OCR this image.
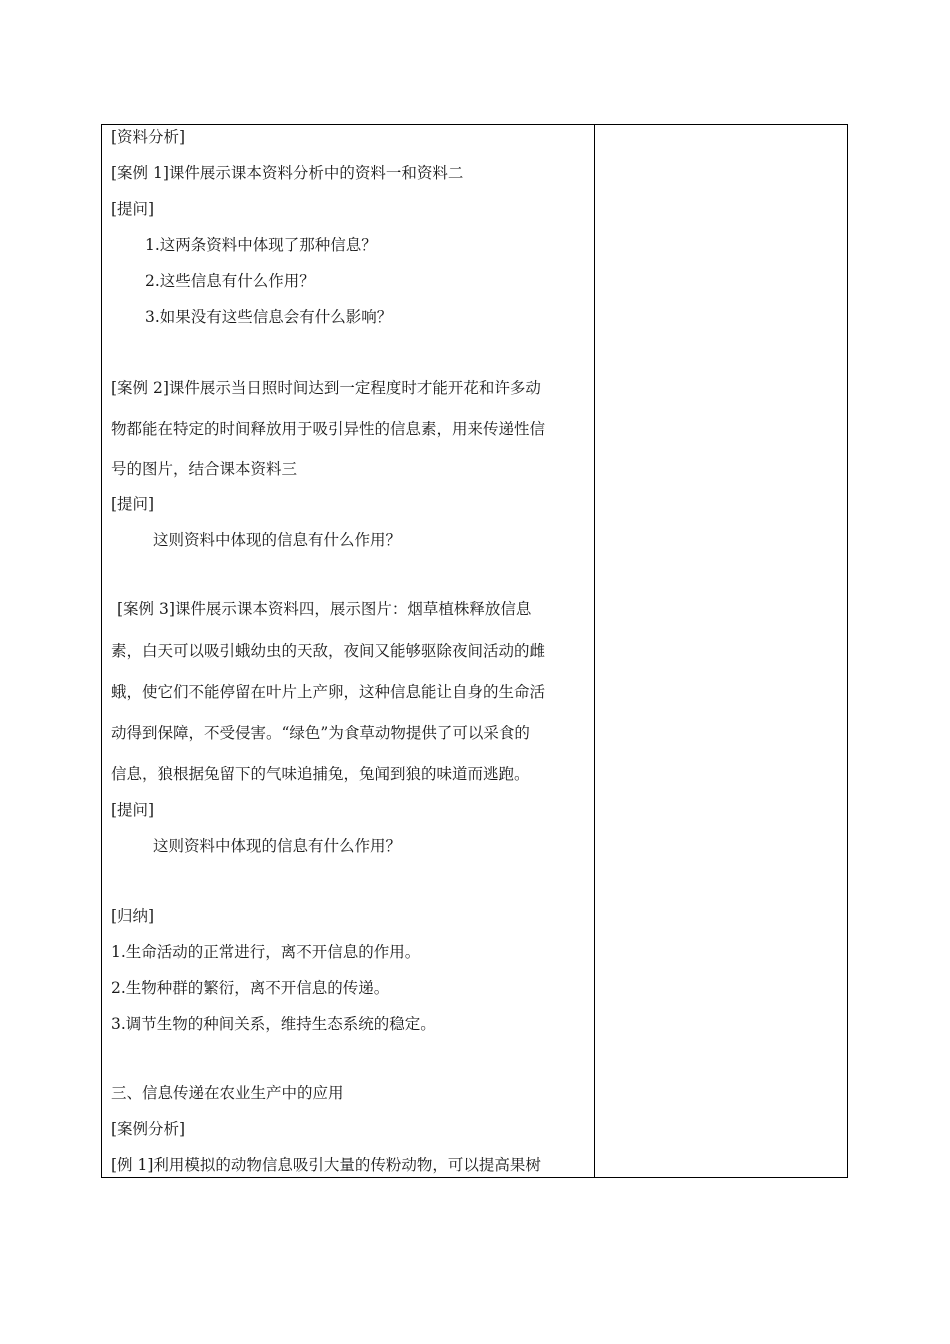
[资料分析]
[案例 1]课件展示课本资料分析中的资料一和资料二
[提问]
1.这两条资料中体现了那种信息？
2.这些信息有什么作用？
3.如果没有这些信息会有什么影响？
[案例 2]课件展示当日照时间达到一定程度时才能开花和许多动
物都能在特定的时间释放用于吸引异性的信息素，用来传递性信
号的图片，结合课本资料三
[提问]
这则资料中体现的信息有什么作用？
[案例 3]课件展示课本资料四，展示图片：烟草植株释放信息
素，白天可以吸引蛾幼虫的天敌，夜间又能够驱除夜间活动的雌
蛾，使它们不能停留在叶片上产卵，这种信息能让自身的生命活
动得到保障，不受侵害。“绿色”为食草动物提供了可以采食的
信息，狼根据兔留下的气味追捕兔，兔闻到狼的味道而逃跑。
[提问]
这则资料中体现的信息有什么作用？
[归纳]
1.生命活动的正常进行，离不开信息的作用。
2.生物种群的繁衍，离不开信息的传递。
3.调节生物的种间关系，维持生态系统的稳定。
三、信息传递在农业生产中的应用
[案例分析]
[例 1]利用模拟的动物信息吸引大量的传粉动物，可以提高果树
